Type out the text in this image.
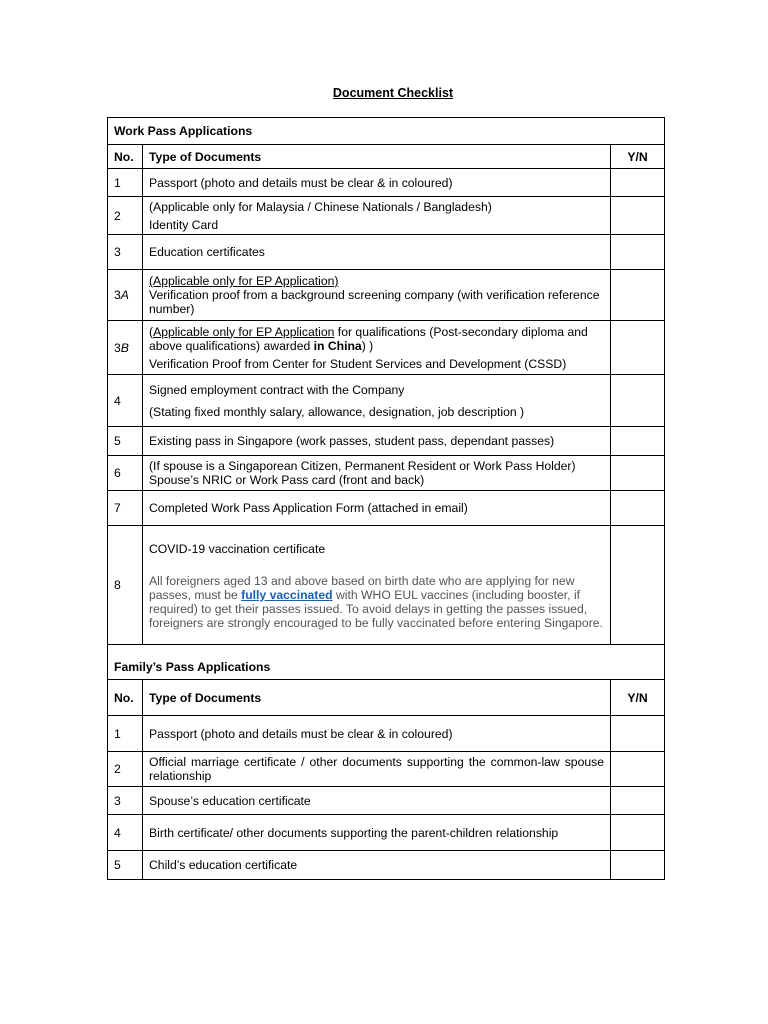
Document Checklist
Work Pass Applications		
No.	Type of Documents	Y/N
1	Passport (photo and details must be clear & in coloured)	
2	(Applicable only for Malaysia / Chinese Nationals / Bangladesh)
Identity Card	
3	Education certificates	
3A	(Applicable only for EP Application)
Verification proof from a background screening company (with verification reference number)	
3B	(Applicable only for EP Application for qualifications (Post-secondary diploma and above qualifications) awarded in China) )
Verification Proof from Center for Student Services and Development (CSSD)	
4	Signed employment contract with the Company
(Stating fixed monthly salary, allowance, designation, job description )	
5	Existing pass in Singapore (work passes, student pass, dependant passes)	
6	(If spouse is a Singaporean Citizen, Permanent Resident or Work Pass Holder)
Spouse’s NRIC or Work Pass card (front and back)	
7	Completed Work Pass Application Form (attached in email)	
8	COVID-19 vaccination certificate
All foreigners aged 13 and above based on birth date who are applying for new passes, must be fully vaccinated with WHO EUL vaccines (including booster, if required) to get their passes issued. To avoid delays in getting the passes issued, foreigners are strongly encouraged to be fully vaccinated before entering Singapore.	
Family’s Pass Applications		
No.	Type of Documents	Y/N
1	Passport (photo and details must be clear & in coloured)	
2	Official marriage certificate / other documents supporting the common-law spouse relationship	
3	Spouse’s education certificate	
4	Birth certificate/ other documents supporting the parent-children relationship	
5	Child’s education certificate	
